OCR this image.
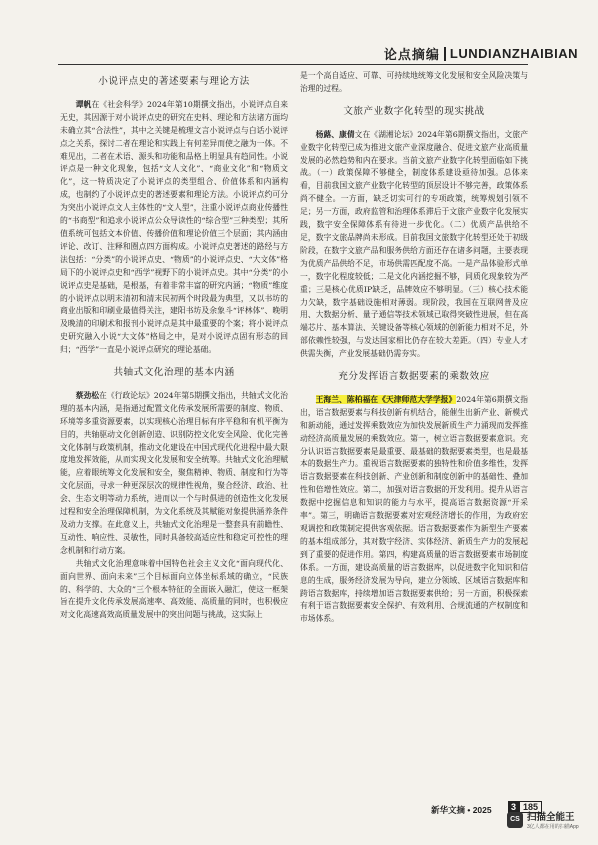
论点摘编 LUNDIANZHAIBIAN
小说评点史的著述要素与理论方法

谭帆在《社会科学》2024年第10期撰文指出，小说评点自来无史，其因源于对小说评点史的研究在史料、理论和方法诸方面均未确立其“合法性”，其中之关键是梳理文言小说评点与白话小说评点之关系，探讨二者在理论和实践上有何差异而使之融为一体。不难见出，二者在术语、源头和功能和品格上明显具有趋同性。小说评点是一种文化现象，包括“文人文化”、“商业文化”和“物质文化”，这一特质决定了小说评点的类型组合、价值体系和内涵构成，也制约了小说评点史的著述要素和理论方法。小说评点约可分为突出小说评点文人主体性的“文人型”，注重小说评点商业传播性的“书商型”和追求小说评点公众导读性的“综合型”三种类型；其所值系统可包括文本价值、传播价值和理论价值三个层面；其内涵由评论、改订、注释和圈点四方面构成。小说评点史著述的路经与方法包括：“分类”的小说评点史、“物质”的小说评点史、“大文体”格局下的小说评点史和“西学”视野下的小说评点史。其中“分类”的小说评点史是基础，是根基，有着非常丰富的研究内涵；“物质”维度的小说评点以明末清初和清末民初两个时段最为典型，又以书坊的商业出版和印刷业最值得关注，建阳书坊及余象斗“评林体”、晚明及晚清的印刷术和报刊小说评点是其中最重要的个案；将小说评点史研究融入小说“大文体”格局之中，是对小说评点固有形态的回归；“西学”一直是小说评点研究的理论基础。

共轴式文化治理的基本内涵

蔡劲松在《行政论坛》2024年第5期撰文指出，共轴式文化治理的基本内涵，是指通过配置文化传承发展所需要的制度、物质、环境等多重资源要素，以实现核心治理目标有序平稳和有机平衡为目的，共轴驱动文化创新创造、识别防控文化安全风险、优化完善文化体制与政策机制，推动文化建设在中国式现代化进程中最大限度地发挥效能，从而实现文化发展和安全统筹。共轴式文化治理赋能，应着眼统筹文化发展和安全，聚焦精神、物质、制度和行为等文化层面，寻求一种更深层次的规律性视角，聚合经济、政治、社会、生态文明等动力系统，进而以一个与时俱进的创造性文化发展过程和安全治理保障机制，为文化系统及其赋能对象提供涵养条件及动力支撑。在此意义上，共轴式文化治理是一整套具有前瞻性、互动性、响应性、灵敏性，同时具备较高适应性和稳定可控性的理念机制和行动方案。

共轴式文化治理意味着中国特色社会主义文化“面向现代化、面向世界、面向未来”三个目标面向立体坐标系域的确立，“民族的、科学的、大众的”三个根本特征的全面嵌入融汇，使这一框架旨在提升文化传承发展高速率、高效能、高质量的同时，也积极应对文化高速高效高质量发展中的突出问题与挑战，这实际上

是一个高自适应、可靠、可持续地统筹文化发展和安全风险决策与治理的过程。

文旅产业数字化转型的现实挑战

杨蕗、康倩文在《湖湘论坛》2024年第6期撰文指出，文旅产业数字化转型已成为推进文旅产业深度融合、促进文旅产业高质量发展的必然趋势和内在要求。当前文旅产业数字化转型面临如下挑战。（一）政策保障不够健全，制度体系建设亟待加强。总体来看，目前我国文旅产业数字化转型的顶层设计不够完善，政策体系尚不健全。一方面，缺乏切实可行的专项政策，统筹规划引领不足；另一方面，政府监管和治理体系滞后于文旅产业数字化发展实践，数字安全保障体系有待进一步优化。（二）优质产品供给不足，数字文旅品牌尚未形成。目前我国文旅数字化转型还处于初级阶段，在数字文旅产品和服务供给方面还存在诸多问题，主要表现为优质产品供给不足，市场供需匹配度不高。一是产品体验形式单一，数字化程度较低；二是文化内涵挖掘不够，同质化现象较为严重；三是核心优质IP缺乏，品牌效应不够明显。（三）核心技术能力欠缺，数字基础设施相对薄弱。现阶段，我国在互联网普及应用、大数据分析、量子通信等技术领域已取得突破性进展，但在高端芯片、基本算法、关键设备等核心领域的创新能力相对不足，外部依赖性较强，与发达国家相比仍存在较大差距。（四）专业人才供需失衡，产业发展基础仍需夯实。

充分发挥语言数据要素的乘数效应

王海兰、陈柏福在《天津师范大学学报》2024年第6期撰文指出，语言数据要素与科技创新有机结合，能催生出新产业、新模式和新动能，通过发挥乘数效应为加快发展新质生产力涌现而发挥推动经济高质量发展的乘数效应。第一，树立语言数据要素意识。充分认识语言数据要素是最重要、最基础的数据要素类型，也是最基本的数据生产力。重视语言数据要素的独特性和价值多维性，发挥语言数据要素在科技创新、产业创新和制度创新中的基础性、叠加性和倍增性效应。第二，加强对语言数据的开发利用。提升从语言数据中挖掘信息和知识的能力与水平，提高语言数据资源“开采率”。第三，明确语言数据要素对宏观经济增长的作用，为政府宏观调控和政策制定提供客观依据。语言数据要素作为新型生产要素的基本组成部分，其对数字经济、实体经济、新质生产力的发展起到了重要的促进作用。第四，构建高质量的语言数据要素市场制度体系。一方面，建设高质量的语言数据库，以促进数字化知识和信息的生成，服务经济发展为导向，建立分领域、区域语言数据库和跨语言数据库，持续增加语言数据要素供给；另一方面，积极探索有利于语言数据要素安全保护、有效利用、合规流通的产权制度和市场体系。

新华文摘 • 2025	3 185
CS 扫描全能王
3亿人都在用的扫描App
